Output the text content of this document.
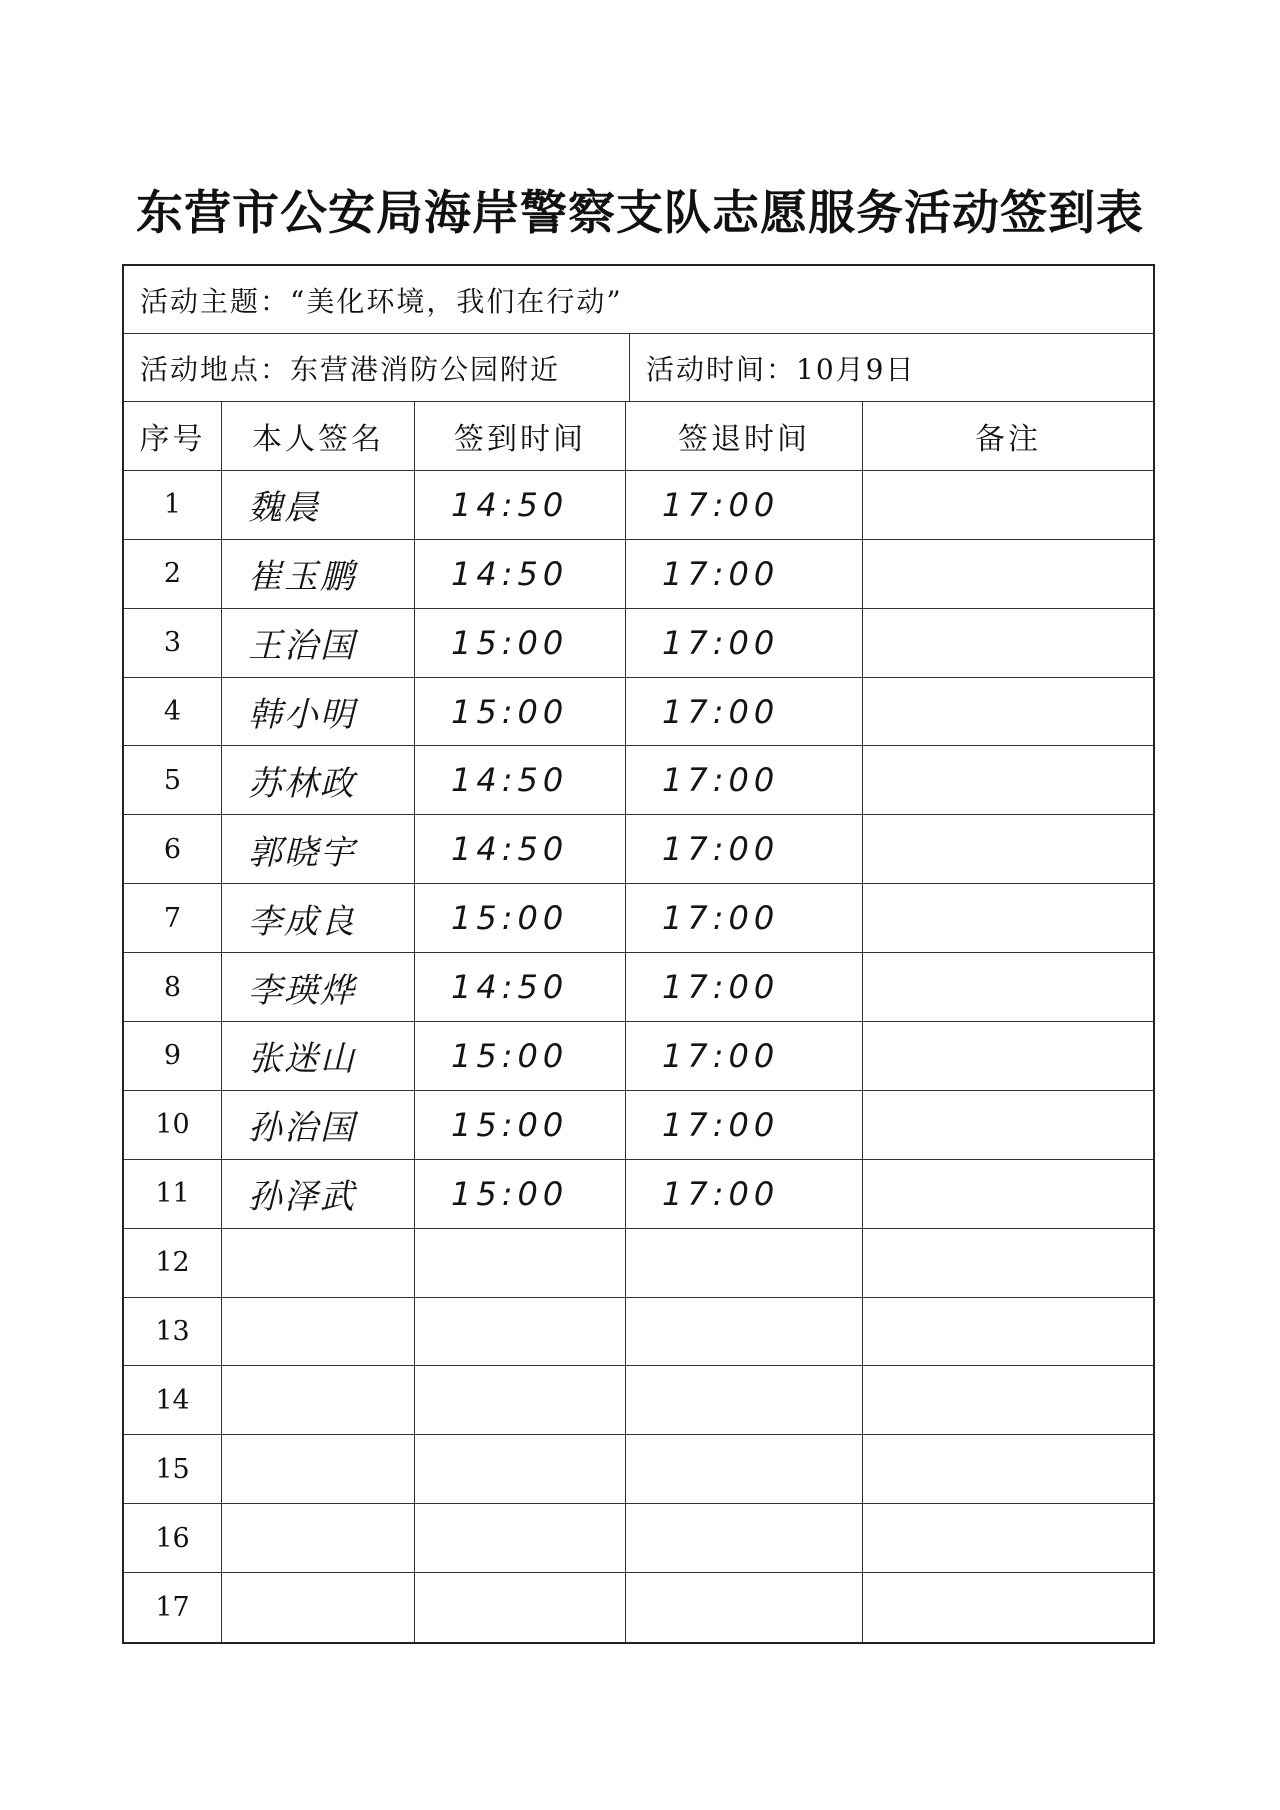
东营市公安局海岸警察支队志愿服务活动签到表
活动主题： “美化环境，我们在行动”
活动地点： 东营港消防公园附近	活动时间： 10月9日
序号	本人签名	签到时间	签退时间	备注
1	魏晨	14:50	17:00
2	崔玉鹏	14:50	17:00
3	王治国	15:00	17:00
4	韩小明	15:00	17:00
5	苏林政	14:50	17:00
6	郭晓宇	14:50	17:00
7	李成良	15:00	17:00
8	李瑛烨	14:50	17:00
9	张迷山	15:00	17:00
10	孙治国	15:00	17:00
11	孙泽武	15:00	17:00
12
13
14
15
16
17
